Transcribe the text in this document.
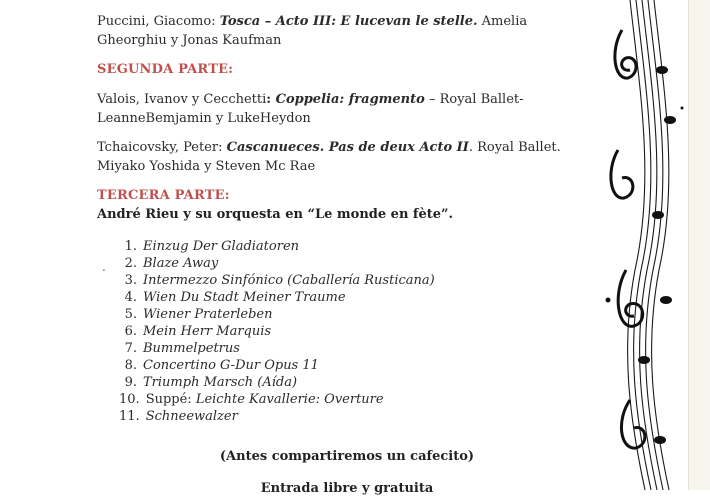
Puccini, Giacomo: Tosca – Acto III: E lucevan le stelle. Amelia Gheorghiu y Jonas Kaufman

SEGUNDA PARTE:

Valois, Ivanov y Cecchetti: Coppelia: fragmento – Royal Ballet- LeanneBemjamin y LukeHeydon

Tchaicovsky, Peter: Cascanueces. Pas de deux Acto II. Royal Ballet. Miyako Yoshida y Steven Mc Rae

TERCERA PARTE:

André Rieu y su orquesta en “Le monde en fète”.

1. Einzug Der Gladiatoren
2. Blaze Away
3. Intermezzo Sinfónico (Caballería Rusticana)
4. Wien Du Stadt Meiner Traume
5. Wiener Praterleben
6. Mein Herr Marquis
7. Bummelpetrus
8. Concertino G-Dur Opus 11
9. Triumph Marsch (Aída)
10. Suppé: Leichte Kavallerie: Overture
11. Schneewalzer
.

(Antes compartiremos un cafecito)

Entrada libre y gratuita
